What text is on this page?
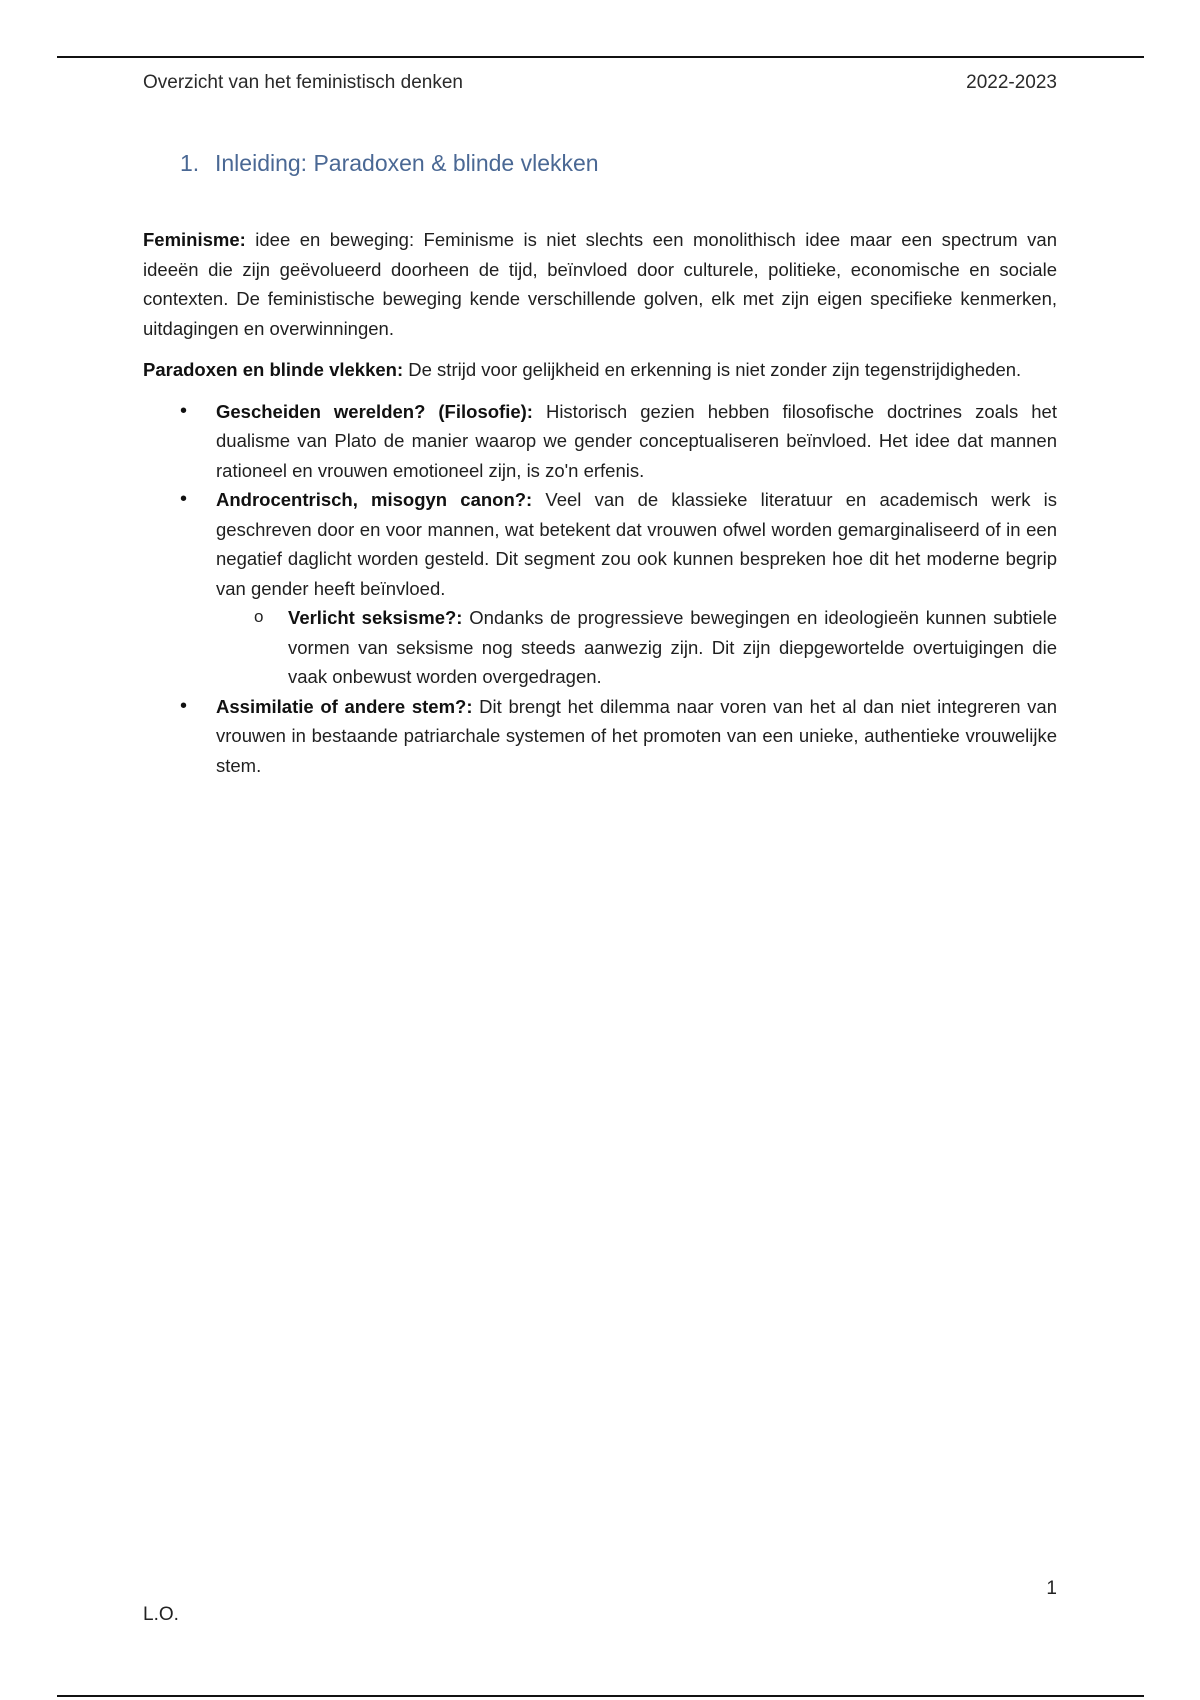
Overzicht van het feministisch denken	2022-2023
1. Inleiding: Paradoxen & blinde vlekken

Feminisme: idee en beweging: Feminisme is niet slechts een monolithisch idee maar een spectrum van ideeën die zijn geëvolueerd doorheen de tijd, beïnvloed door culturele, politieke, economische en sociale contexten. De feministische beweging kende verschillende golven, elk met zijn eigen specifieke kenmerken, uitdagingen en overwinningen.

Paradoxen en blinde vlekken: De strijd voor gelijkheid en erkenning is niet zonder zijn tegenstrijdigheden.

• Gescheiden werelden? (Filosofie): Historisch gezien hebben filosofische doctrines zoals het dualisme van Plato de manier waarop we gender conceptualiseren beïnvloed. Het idee dat mannen rationeel en vrouwen emotioneel zijn, is zo'n erfenis.
• Androcentrisch, misogyn canon?: Veel van de klassieke literatuur en academisch werk is geschreven door en voor mannen, wat betekent dat vrouwen ofwel worden gemarginaliseerd of in een negatief daglicht worden gesteld. Dit segment zou ook kunnen bespreken hoe dit het moderne begrip van gender heeft beïnvloed.
o Verlicht seksisme?: Ondanks de progressieve bewegingen en ideologieën kunnen subtiele vormen van seksisme nog steeds aanwezig zijn. Dit zijn diepgewortelde overtuigingen die vaak onbewust worden overgedragen.
• Assimilatie of andere stem?: Dit brengt het dilemma naar voren van het al dan niet integreren van vrouwen in bestaande patriarchale systemen of het promoten van een unieke, authentieke vrouwelijke stem.
1
L.O.
